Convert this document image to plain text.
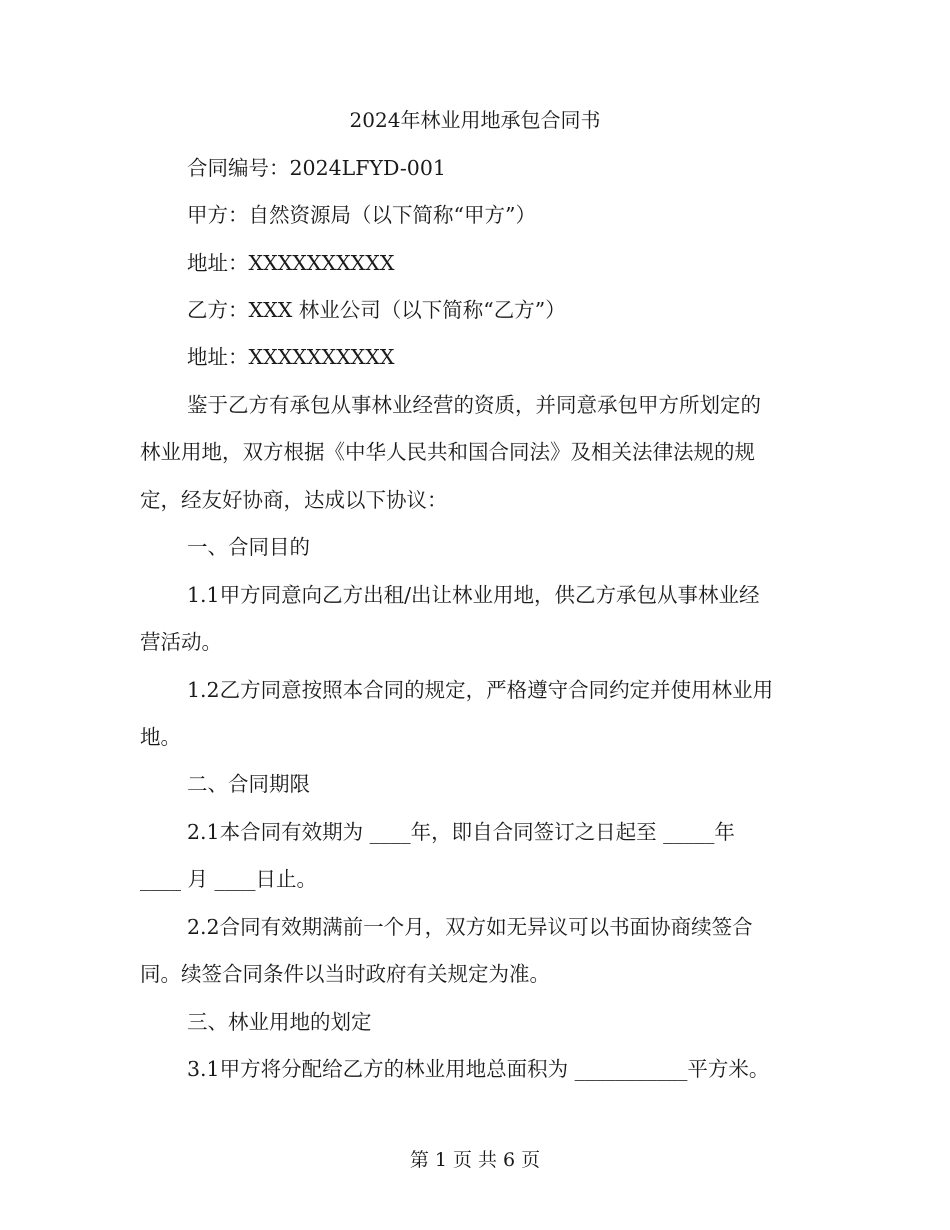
2024年林业用地承包合同书
合同编号：2024LFYD-001
甲方：自然资源局（以下简称“甲方”）
地址：XXXXXXXXXX
乙方：XXX 林业公司（以下简称“乙方”）
地址：XXXXXXXXXX
鉴于乙方有承包从事林业经营的资质，并同意承包甲方所划定的
林业用地，双方根据《中华人民共和国合同法》及相关法律法规的规
定，经友好协商，达成以下协议：
一、合同目的
1.1甲方同意向乙方出租/出让林业用地，供乙方承包从事林业经
营活动。
1.2乙方同意按照本合同的规定，严格遵守合同约定并使用林业用
地。
二、合同期限
2.1本合同有效期为 ____年，即自合同签订之日起至 _____年
____ 月 ____日止。
2.2合同有效期满前一个月，双方如无异议可以书面协商续签合
同。续签合同条件以当时政府有关规定为准。
三、林业用地的划定
3.1甲方将分配给乙方的林业用地总面积为 ___________平方米。
第 1 页 共 6 页
